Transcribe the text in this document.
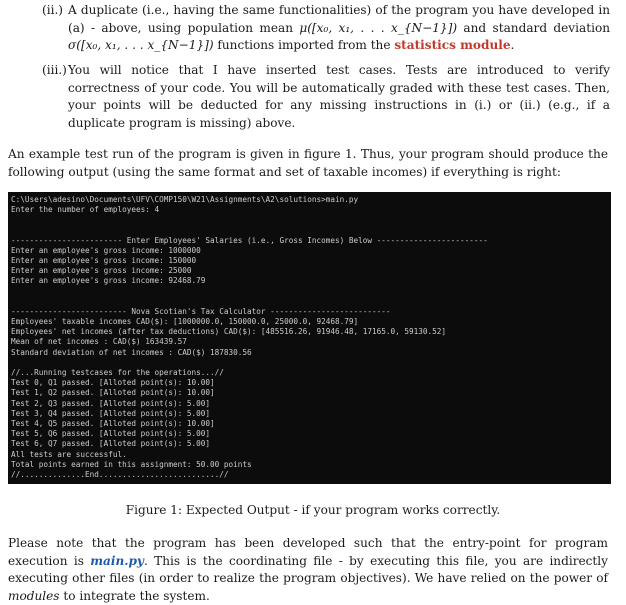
(ii.) A duplicate (i.e., having the same functionalities) of the program you have developed in (a) - above, using population mean μ([x₀, x₁, . . . x_{N−1}]) and standard deviation σ([x₀, x₁, . . . x_{N−1}]) functions imported from the statistics module.
(iii.) You will notice that I have inserted test cases. Tests are introduced to verify correctness of your code. You will be automatically graded with these test cases. Then, your points will be deducted for any missing instructions in (i.) or (ii.) (e.g., if a duplicate program is missing) above.
An example test run of the program is given in figure 1. Thus, your program should produce the following output (using the same format and set of taxable incomes) if everything is right:
C:\Users\adesino\Documents\UFV\COMP150\W21\Assignments\A2\solutions>main.py
Enter the number of employees: 4
------------------------ Enter Employees' Salaries (i.e., Gross Incomes) Below ------------------------
Enter an employee's gross income: 1000000
Enter an employee's gross income: 150000
Enter an employee's gross income: 25000
Enter an employee's gross income: 92468.79
------------------------- Nova Scotian's Tax Calculator --------------------------
Employees' taxable incomes CAD($): [1000000.0, 150000.0, 25000.0, 92468.79]
Employees' net incomes (after tax deductions) CAD($): [485516.26, 91946.48, 17165.0, 59130.52]
Mean of net incomes : CAD($) 163439.57
Standard deviation of net incomes : CAD($) 187830.56
//...Running testcases for the operations...//
Test 0, Q1 passed. [Alloted point(s): 10.00]
Test 1, Q2 passed. [Alloted point(s): 10.00]
Test 2, Q3 passed. [Alloted point(s): 5.00]
Test 3, Q4 passed. [Alloted point(s): 5.00]
Test 4, Q5 passed. [Alloted point(s): 10.00]
Test 5, Q6 passed. [Alloted point(s): 5.00]
Test 6, Q7 passed. [Alloted point(s): 5.00]
All tests are successful.
Total points earned in this assignment: 50.00 points
//..............End..........................//
Figure 1: Expected Output - if your program works correctly.
Please note that the program has been developed such that the entry-point for program execution is main.py. This is the coordinating file - by executing this file, you are indirectly executing other files (in order to realize the program objectives). We have relied on the power of modules to integrate the system.
